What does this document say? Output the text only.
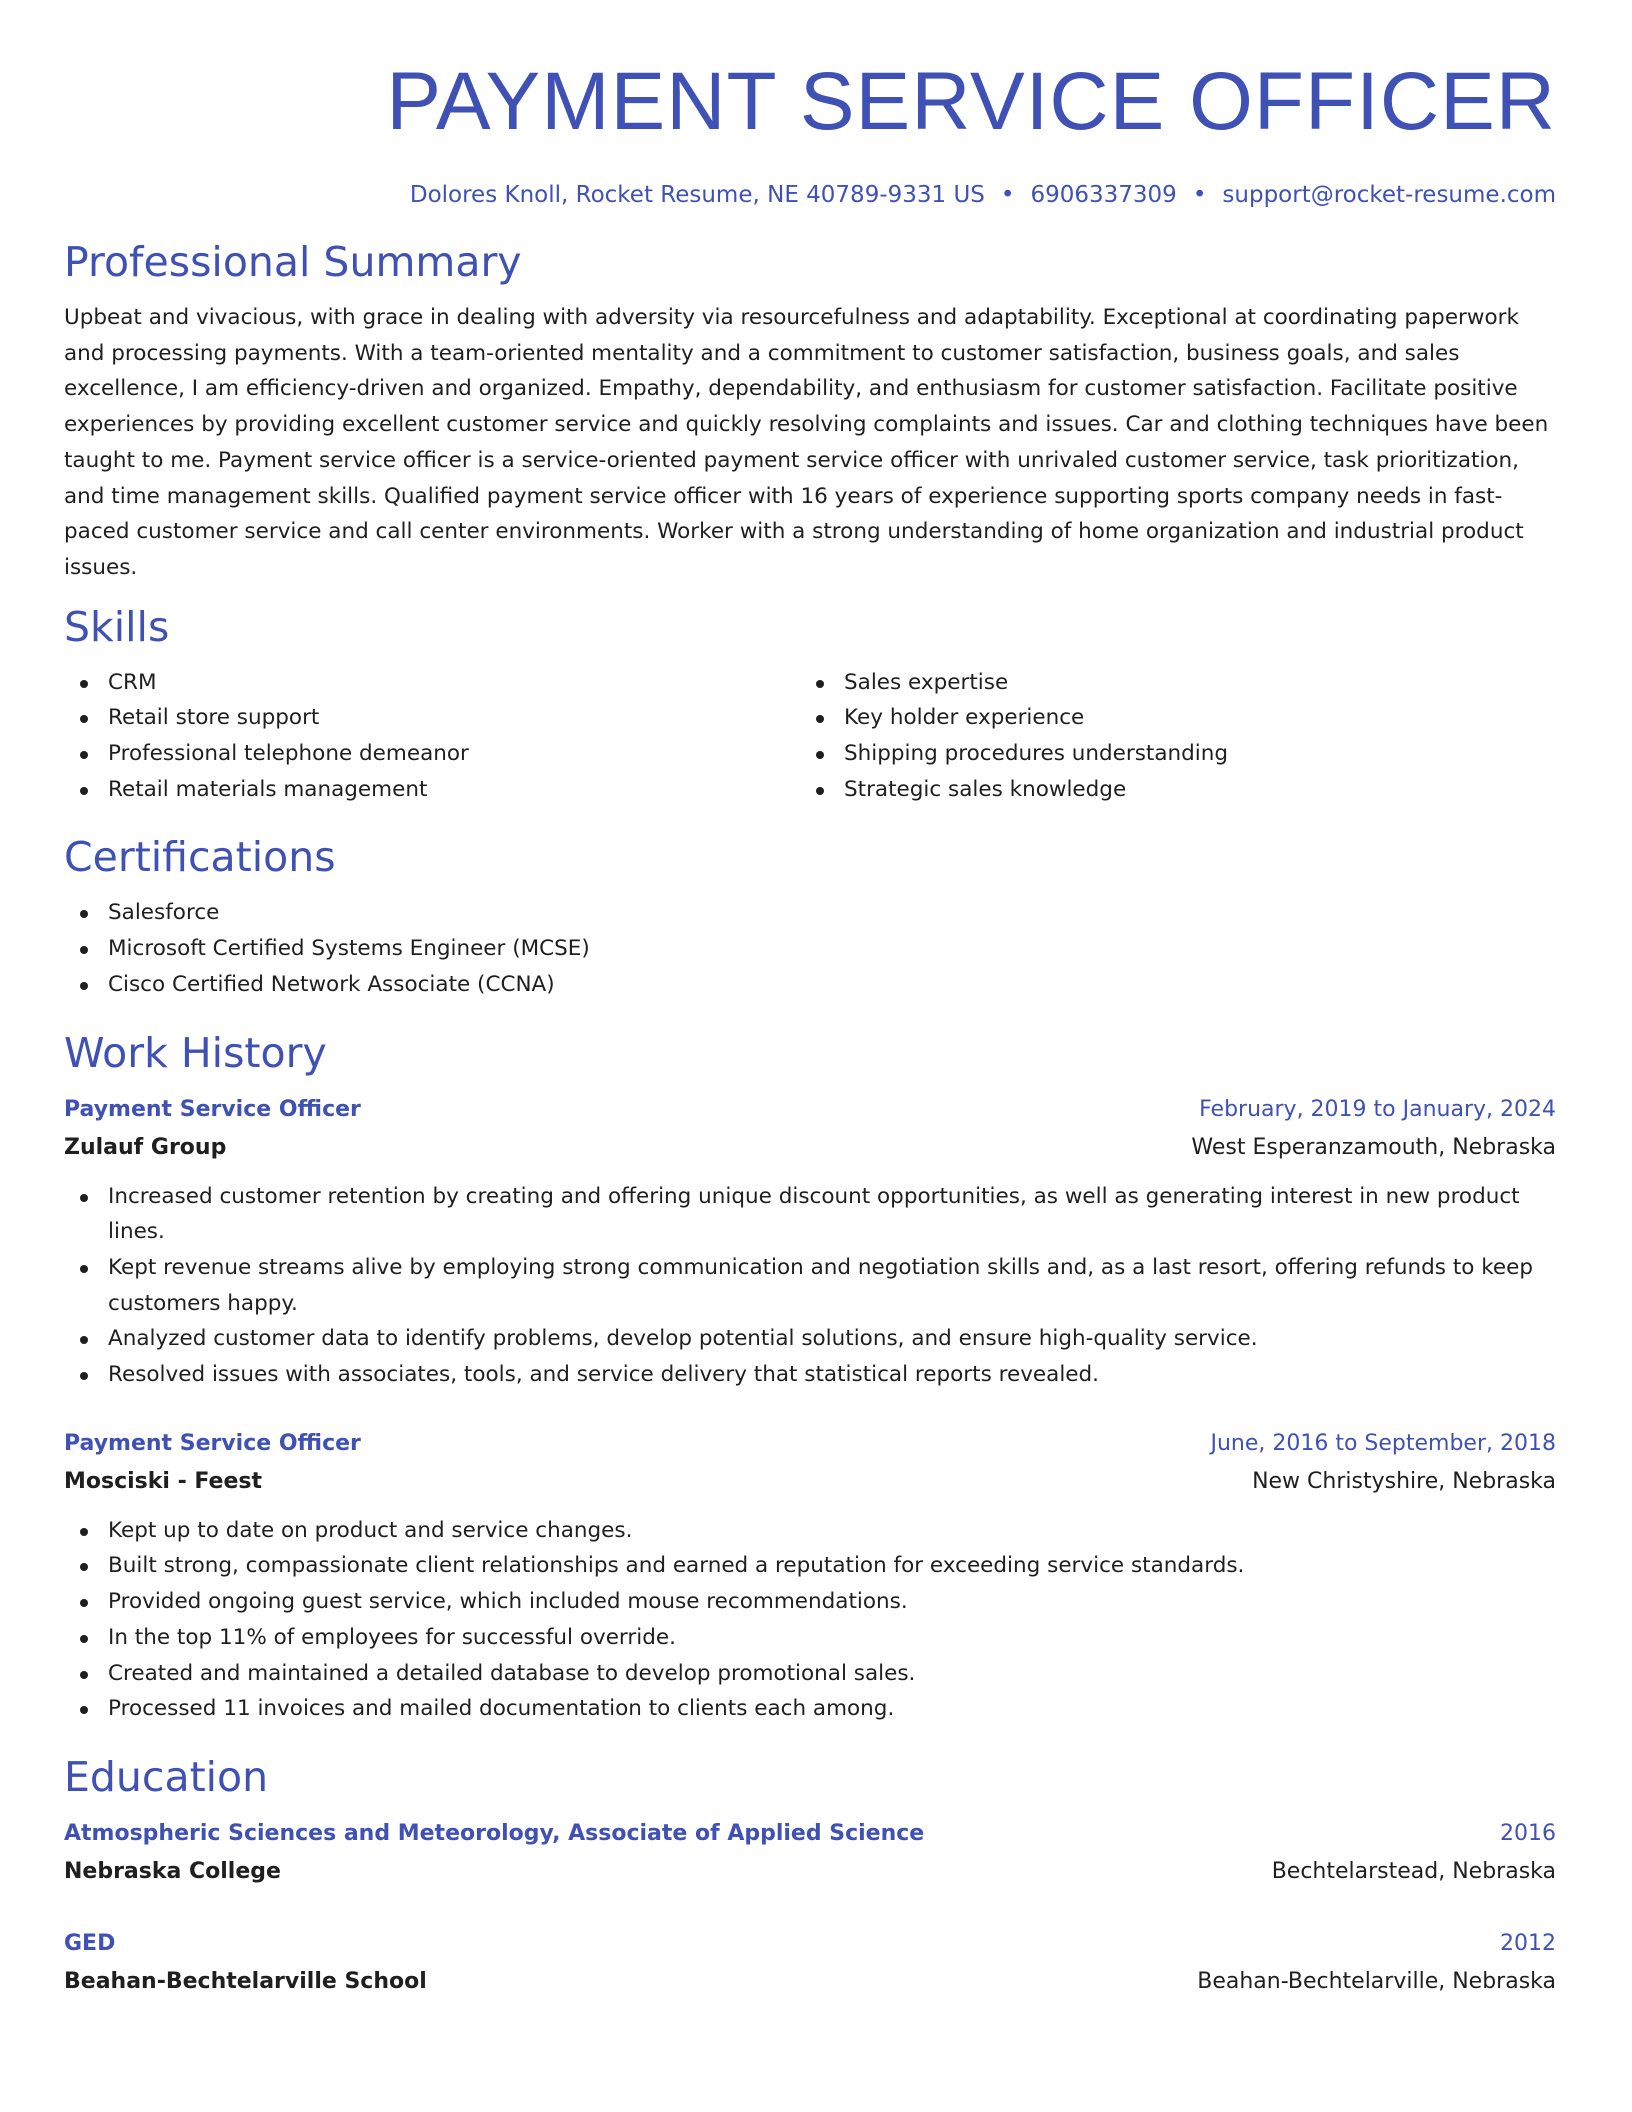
PAYMENT SERVICE OFFICER
Dolores Knoll, Rocket Resume, NE 40789-9331 US • 6906337309 • support@rocket-resume.com
Professional Summary

Upbeat and vivacious, with grace in dealing with adversity via resourcefulness and adaptability. Exceptional at coordinating paperwork and processing payments. With a team-oriented mentality and a commitment to customer satisfaction, business goals, and sales excellence, I am efficiency-driven and organized. Empathy, dependability, and enthusiasm for customer satisfaction. Facilitate positive experiences by providing excellent customer service and quickly resolving complaints and issues. Car and clothing techniques have been taught to me. Payment service officer is a service-oriented payment service officer with unrivaled customer service, task prioritization, and time management skills. Qualified payment service officer with 16 years of experience supporting sports company needs in fast-paced customer service and call center environments. Worker with a strong understanding of home organization and industrial product issues.

Skills
CRM
Retail store support
Professional telephone demeanor
Retail materials management
Sales expertise
Key holder experience
Shipping procedures understanding
Strategic sales knowledge
Certifications
Salesforce
Microsoft Certified Systems Engineer (MCSE)
Cisco Certified Network Associate (CCNA)
Work History
Payment Service Officer	February, 2019 to January, 2024
Zulauf Group	West Esperanzamouth, Nebraska
Increased customer retention by creating and offering unique discount opportunities, as well as generating interest in new product lines.
Kept revenue streams alive by employing strong communication and negotiation skills and, as a last resort, offering refunds to keep customers happy.
Analyzed customer data to identify problems, develop potential solutions, and ensure high-quality service.
Resolved issues with associates, tools, and service delivery that statistical reports revealed.
Payment Service Officer	June, 2016 to September, 2018
Mosciski - Feest	New Christyshire, Nebraska
Kept up to date on product and service changes.
Built strong, compassionate client relationships and earned a reputation for exceeding service standards.
Provided ongoing guest service, which included mouse recommendations.
In the top 11% of employees for successful override.
Created and maintained a detailed database to develop promotional sales.
Processed 11 invoices and mailed documentation to clients each among.
Education
Atmospheric Sciences and Meteorology, Associate of Applied Science	2016
Nebraska College	Bechtelarstead, Nebraska
GED	2012
Beahan-Bechtelarville School	Beahan-Bechtelarville, Nebraska
